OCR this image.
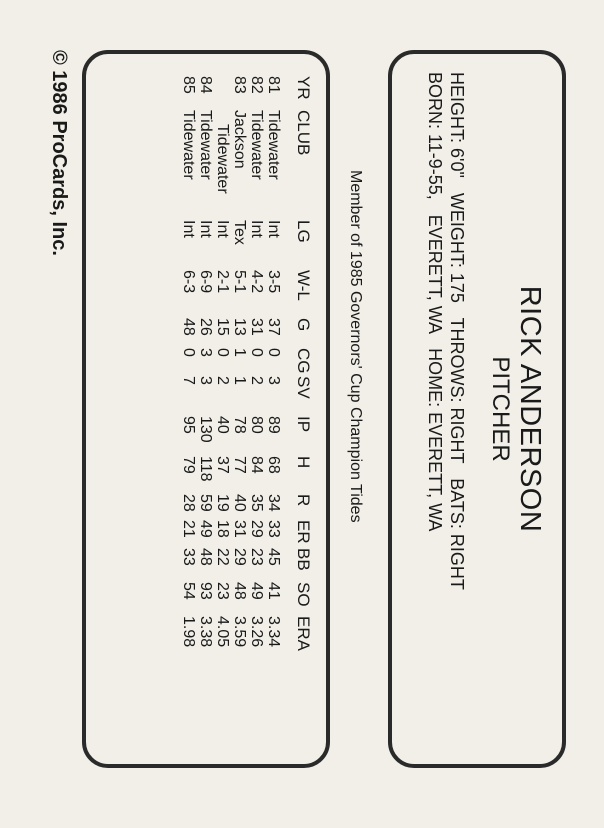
RICK ANDERSON
PITCHER
HEIGHT: 6'0"   WEIGHT: 175   THROWS: RIGHT   BATS: RIGHT
BORN: 11-9-55,   EVERETT, WA   HOME: EVERETT, WA
Member of 1985 Governors' Cup Champion Tides
YR	CLUB	LG	W-L	G	CG	SV	IP	H	R	ER	BB	SO	ERA
81	Tidewater	Int	3-5	37	0	3	89	68	34	33	45	41	3.34
82	Tidewater	Int	4-2	31	0	2	80	84	35	29	23	49	3.26
83	Jackson	Tex	5-1	13	1	1	78	77	40	31	29	48	3.59
	Tidewater	Int	2-1	15	0	2	40	37	19	18	22	23	4.05
84	Tidewater	Int	6-9	26	3	3	130	118	59	49	48	93	3.38
85	Tidewater	Int	6-3	48	0	7	95	79	28	21	33	54	1.98
© 1986 ProCards, Inc.
